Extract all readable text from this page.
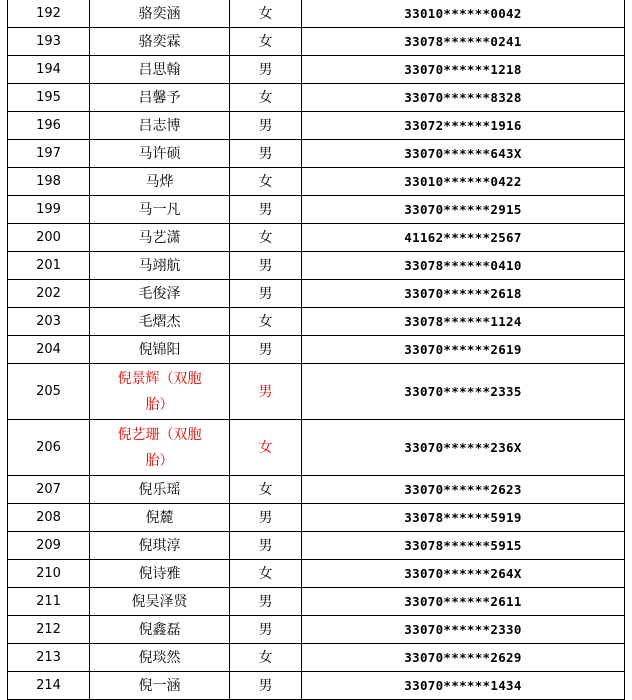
192	骆奕涵	女	33010******0042
193	骆奕霖	女	33078******0241
194	吕思翰	男	33070******1218
195	吕馨予	女	33070******8328
196	吕志博	男	33072******1916
197	马许硕	男	33070******643X
198	马烨	女	33010******0422
199	马一凡	男	33070******2915
200	马艺潇	女	41162******2567
201	马翊航	男	33078******0410
202	毛俊泽	男	33070******2618
203	毛熠杰	女	33078******1124
204	倪锦阳	男	33070******2619
205	倪景辉（双胞胎）	男	33070******2335
206	倪艺珊（双胞胎）	女	33070******236X
207	倪乐瑶	女	33070******2623
208	倪麓	男	33078******5919
209	倪琪淳	男	33078******5915
210	倪诗雅	女	33070******264X
211	倪吴泽贤	男	33070******2611
212	倪鑫磊	男	33070******2330
213	倪琰然	女	33070******2629
214	倪一涵	男	33070******1434
